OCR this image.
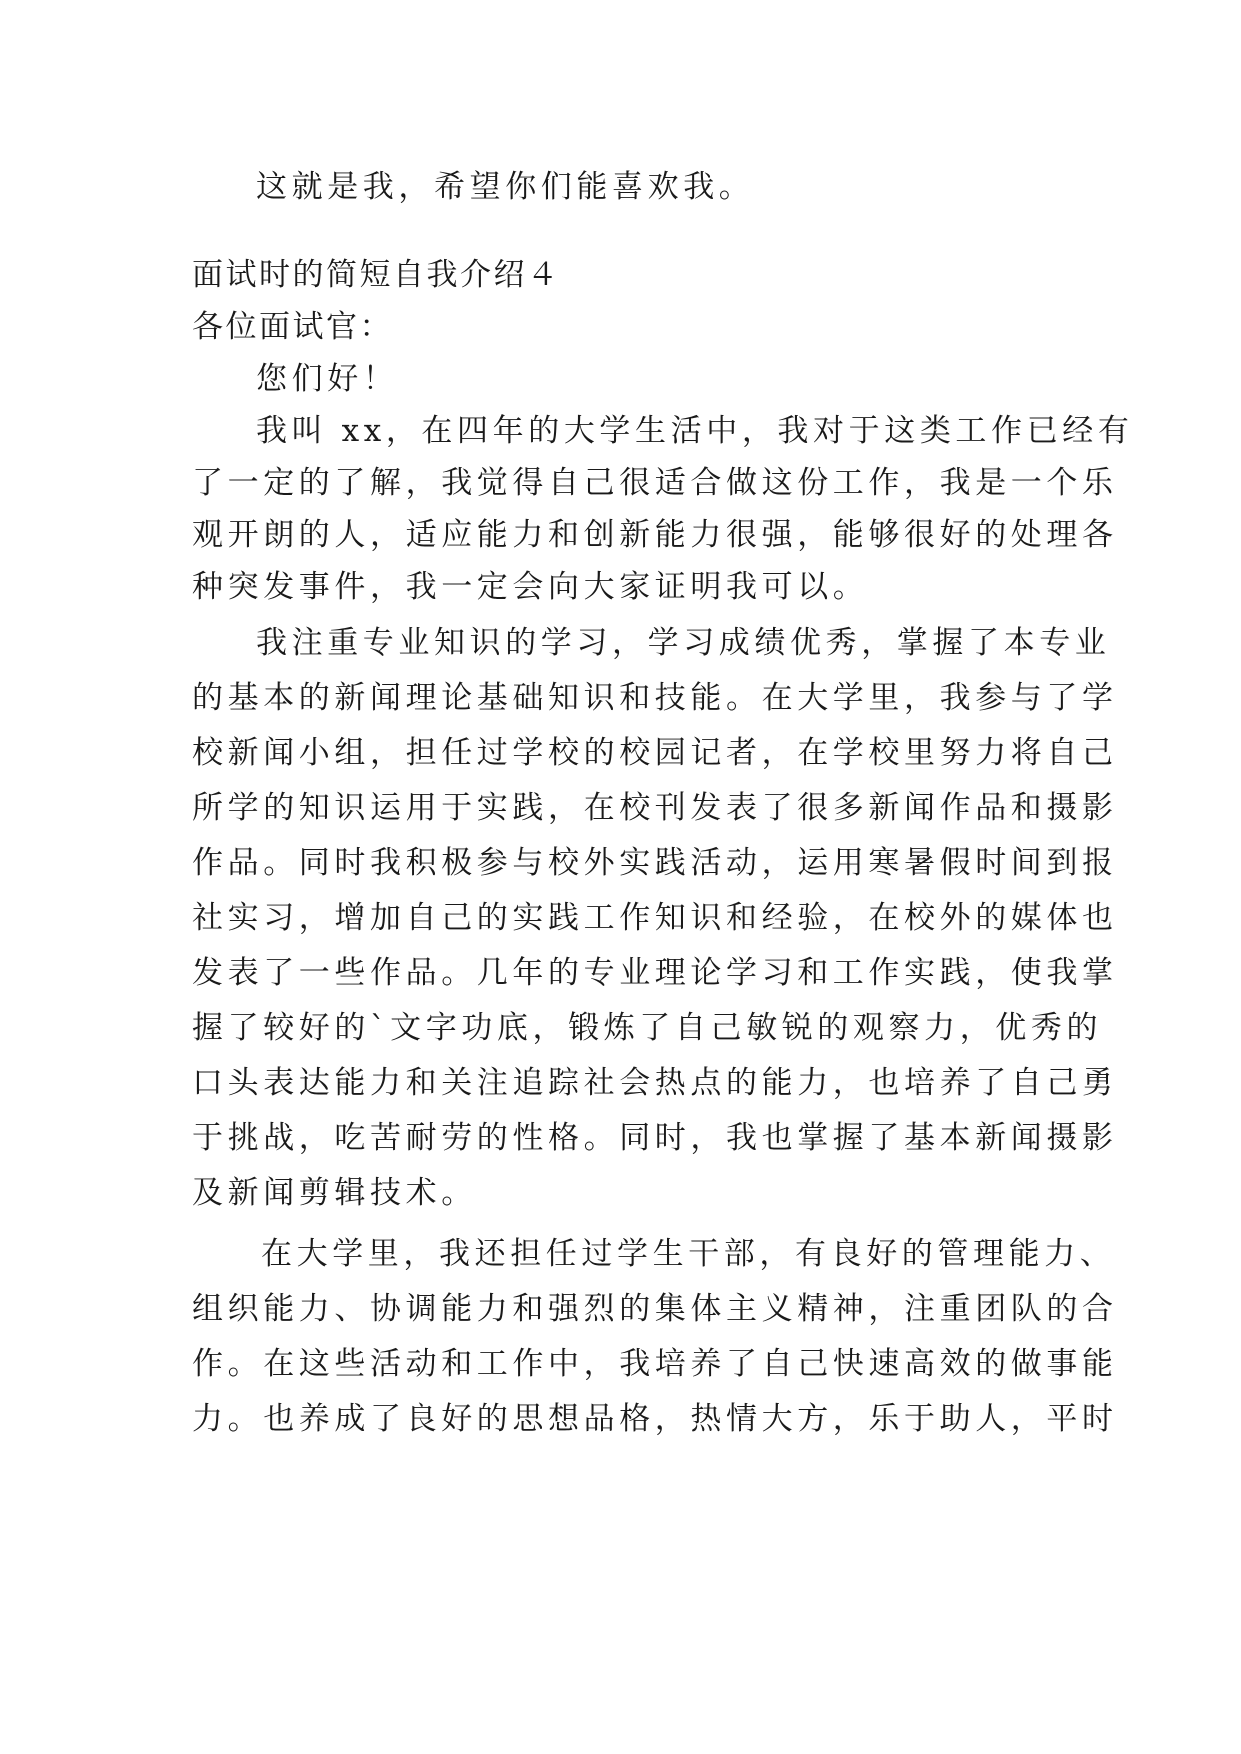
这就是我，希望你们能喜欢我。
面试时的简短自我介绍４
各位面试官：
您们好！
我叫 xx，在四年的大学生活中，我对于这类工作已经有
了一定的了解，我觉得自己很适合做这份工作，我是一个乐
观开朗的人，适应能力和创新能力很强，能够很好的处理各
种突发事件，我一定会向大家证明我可以。
我注重专业知识的学习，学习成绩优秀，掌握了本专业
的基本的新闻理论基础知识和技能。在大学里，我参与了学
校新闻小组，担任过学校的校园记者，在学校里努力将自己
所学的知识运用于实践，在校刊发表了很多新闻作品和摄影
作品。同时我积极参与校外实践活动，运用寒暑假时间到报
社实习，增加自己的实践工作知识和经验，在校外的媒体也
发表了一些作品。几年的专业理论学习和工作实践，使我掌
握了较好的`文字功底，锻炼了自己敏锐的观察力，优秀的
口头表达能力和关注追踪社会热点的能力，也培养了自己勇
于挑战，吃苦耐劳的性格。同时，我也掌握了基本新闻摄影
及新闻剪辑技术。
在大学里，我还担任过学生干部，有良好的管理能力、
组织能力、协调能力和强烈的集体主义精神，注重团队的合
作。在这些活动和工作中，我培养了自己快速高效的做事能
力。也养成了良好的思想品格，热情大方，乐于助人，平时
